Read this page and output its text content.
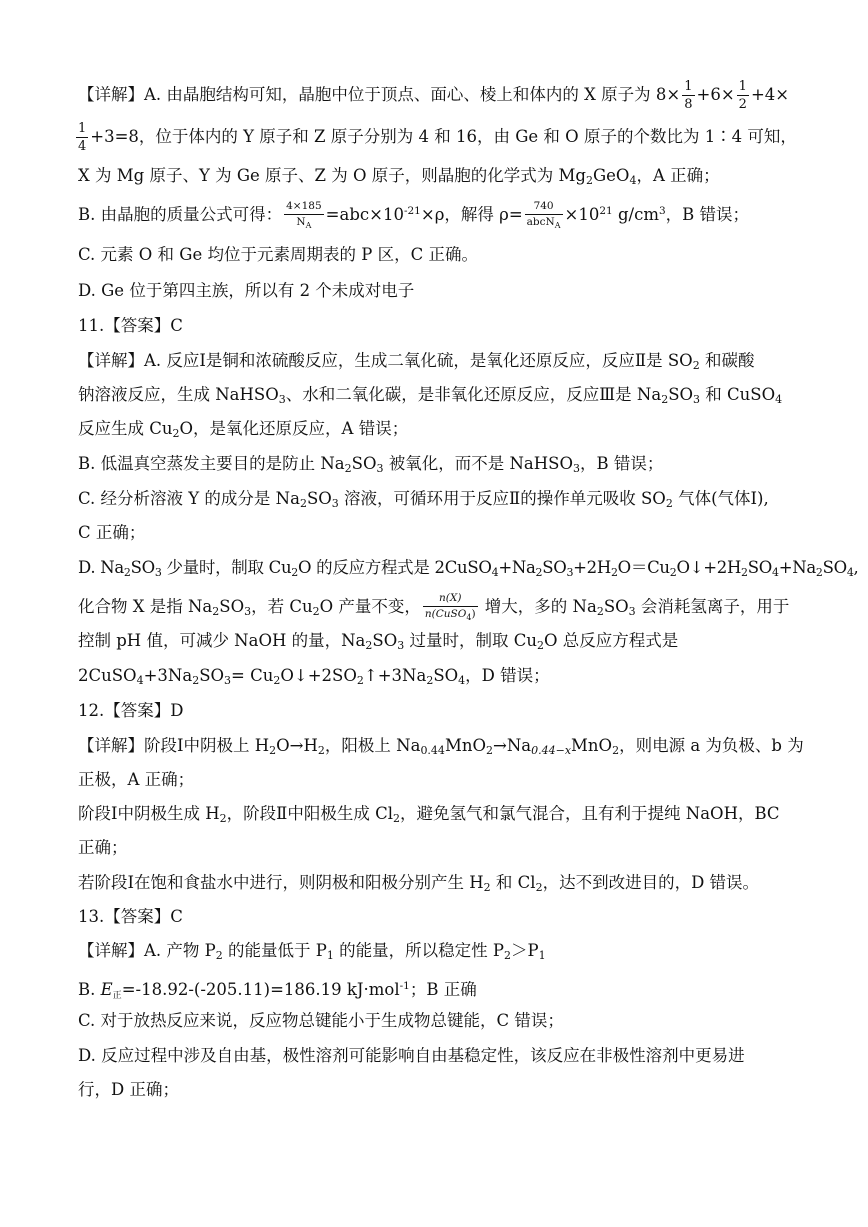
【详解】A. 由晶胞结构可知，晶胞中位于顶点、面心、棱上和体内的 X 原子为 $8\times \frac{1}{8} +6\times \frac{1}{2} +4\times$
$\frac{1}{4} +3=8$，位于体内的 Y 原子和 Z 原子分别为 4 和 16，由 Ge 和 O 原子的个数比为 1∶4 可知，
X 为 Mg 原子、Y 为 Ge 原子、Z 为 O 原子，则晶胞的化学式为 $Mg_2GeO_4$，A 正确；
B. 由晶胞的质量公式可得： $\frac{4\times 185}{N_A} =abc\times 10^{-21}\times\rho$，解得 $\rho= \frac{740}{abcN_A} \times 10^{21}$ $g/cm^3$，B 错误；
C. 元素 O 和 Ge 均位于元素周期表的 P 区，C 正确。
D. Ge 位于第四主族，所以有 2 个未成对电子
11.【答案】C
【详解】A. 反应Ⅰ是铜和浓硫酸反应，生成二氧化硫，是氧化还原反应，反应Ⅱ是 $SO_2$ 和碳酸
钠溶液反应，生成 NaHSO$_3$、水和二氧化碳，是非氧化还原反应，反应Ⅲ是 $Na_2SO_3$ 和 CuSO$_4$
反应生成 $Cu_2O$，是氧化还原反应，A 错误；
B. 低温真空蒸发主要目的是防止 $Na_2SO_3$ 被氧化，而不是 NaHSO$_3$，B 错误；
C. 经分析溶液 Y 的成分是 $Na_2SO_3$ 溶液，可循环用于反应Ⅱ的操作单元吸收 $SO_2$ 气体(气体Ⅰ),
C 正确；
D. $Na_2SO_3$ 少量时，制取 $Cu_2O$ 的反应方程式是 $2CuSO_4+Na_2SO_3+2H_2O=Cu_2O↓+2H_2SO_4+Na_2SO_4$,
化合物 X 是指 $Na_2SO_3$，若 $Cu_2O$ 产量不变， $\frac{n(X)}{n(CuSO_4)}$ 增大，多的 $Na_2SO_3$ 会消耗氢离子，用于
控制 pH 值，可减少 NaOH 的量，$Na_2SO_3$ 过量时，制取 $Cu_2O$ 总反应方程式是
$2CuSO_4+3Na_2SO_3=$ $Cu_2O↓+2SO_2↑+3Na_2SO_4$，D 错误；
12.【答案】D
【详解】阶段Ⅰ中阴极上 $H_2O\to H_2$，阳极上 $Na_{0.44}MnO_2\to Na_{0.44-x}MnO_2$，则电源 a 为负极、b 为
正极，A 正确；
阶段Ⅰ中阴极生成 $H_2$，阶段Ⅱ中阳极生成 $Cl_2$，避免氢气和氯气混合，且有利于提纯 NaOH，BC
正确；
若阶段Ⅰ在饱和食盐水中进行，则阴极和阳极分别产生 $H_2$ 和 $Cl_2$，达不到改进目的，D 错误。
13.【答案】C
【详解】A. 产物 $P_2$ 的能量低于 $P_1$ 的能量，所以稳定性 $P_2>P_1$
B. $E_正=-18.92-(-205.11)=186.19$ kJ·mol$^{-1}$；B 正确
C. 对于放热反应来说，反应物总键能小于生成物总键能，C 错误；
D. 反应过程中涉及自由基，极性溶剂可能影响自由基稳定性，该反应在非极性溶剂中更易进
行，D 正确；
